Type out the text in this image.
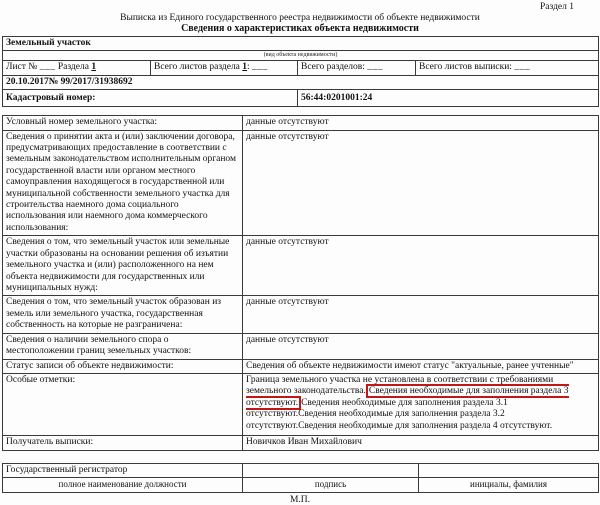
Раздел 1
Выписка из Единого государственного реестра недвижимости об объекте недвижимости
Сведения о характеристиках объекта недвижимости
Земельный участок			
(вид объекта недвижимости)			
Лист № ___ Раздела 1	Всего листов раздела 1: ___	Всего разделов: ___	Всего листов выписки: ___
20.10.2017№ 99/2017/31938692			
Кадастровый номер:		56:44:0201001:24	
Условный номер земельного участка:	данные отсутствуют
Сведения о принятии акта и (или) заключении договора, предусматривающих предоставление в соответствии с земельным законодательством исполнительным органом государственной власти или органом местного самоуправления находящегося в государственной или муниципальной собственности земельного участка для строительства наемного дома социального использования или наемного дома коммерческого использования:	данные отсутствуют
Сведения о том, что земельный участок или земельные участки образованы на основании решения об изъятии земельного участка и (или) расположенного на нем объекта недвижимости для государственных или муниципальных нужд:	данные отсутствуют
Сведения о том, что земельный участок образован из земель или земельного участка, государственная собственность на которые не разграничена:	данные отсутствуют
Сведения о наличии земельного спора о местоположении границ земельных участков:	данные отсутствуют
Статус записи об объекте недвижимости:	Сведения об объекте недвижимости имеют статус "актуальные, ранее учтенные"
Особые отметки:	Граница земельного участка не установлена в соответствии с требованиями земельного законодательства. Сведения необходимые для заполнения раздела 3 отсутствуют. Сведения необходимые для заполнения раздела 3.1 отсутствуют.Сведения необходимые для заполнения раздела 3.2 отсутствуют.Сведения необходимые для заполнения раздела 4 отсутствуют.
Получатель выписки:	Новичков Иван Михайлович
Государственный регистратор		
полное наименование должности	подпись	инициалы, фамилия
М.П.
